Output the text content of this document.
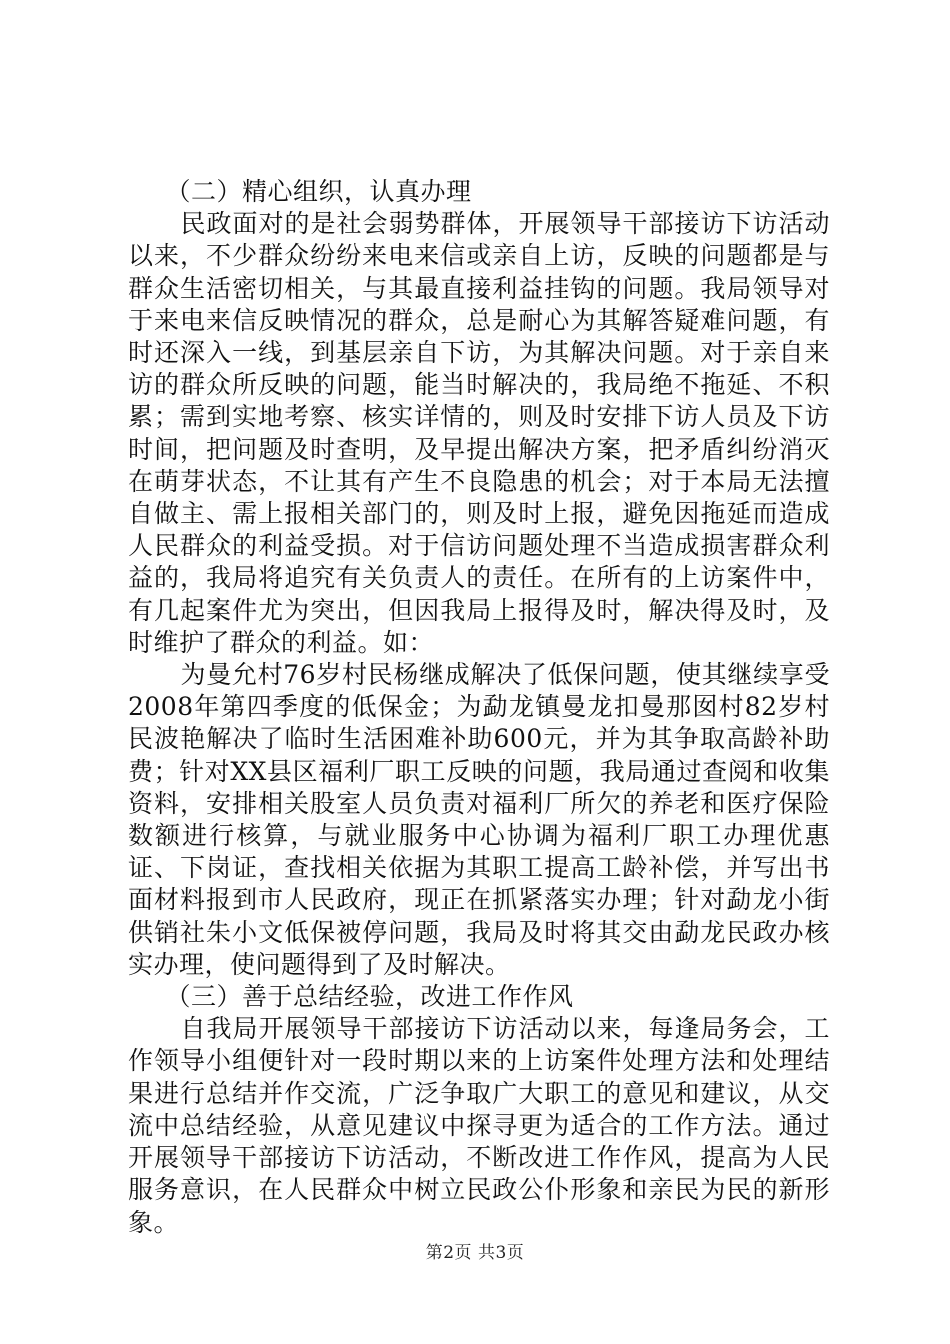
（二）精心组织，认真办理

民政面对的是社会弱势群体，开展领导干部接访下访活动以来，不少群众纷纷来电来信或亲自上访，反映的问题都是与群众生活密切相关，与其最直接利益挂钩的问题。我局领导对于来电来信反映情况的群众，总是耐心为其解答疑难问题，有时还深入一线，到基层亲自下访，为其解决问题。对于亲自来访的群众所反映的问题，能当时解决的，我局绝不拖延、不积累；需到实地考察、核实详情的，则及时安排下访人员及下访时间，把问题及时查明，及早提出解决方案，把矛盾纠纷消灭在萌芽状态，不让其有产生不良隐患的机会；对于本局无法擅自做主、需上报相关部门的，则及时上报，避免因拖延而造成人民群众的利益受损。对于信访问题处理不当造成损害群众利益的，我局将追究有关负责人的责任。在所有的上访案件中，有几起案件尤为突出，但因我局上报得及时，解决得及时，及时维护了群众的利益。如：

为曼允村76岁村民杨继成解决了低保问题，使其继续享受2008年第四季度的低保金；为勐龙镇曼龙扣曼那囡村82岁村民波艳解决了临时生活困难补助600元，并为其争取高龄补助费；针对XX县区福利厂职工反映的问题，我局通过查阅和收集资料，安排相关股室人员负责对福利厂所欠的养老和医疗保险数额进行核算，与就业服务中心协调为福利厂职工办理优惠证、下岗证，查找相关依据为其职工提高工龄补偿，并写出书面材料报到市人民政府，现正在抓紧落实办理；针对勐龙小街供销社朱小文低保被停问题，我局及时将其交由勐龙民政办核实办理，使问题得到了及时解决。

（三）善于总结经验，改进工作作风

自我局开展领导干部接访下访活动以来，每逢局务会，工作领导小组便针对一段时期以来的上访案件处理方法和处理结果进行总结并作交流，广泛争取广大职工的意见和建议，从交流中总结经验，从意见建议中探寻更为适合的工作方法。通过开展领导干部接访下访活动，不断改进工作作风，提高为人民服务意识，在人民群众中树立民政公仆形象和亲民为民的新形象。

第2页 共3页
